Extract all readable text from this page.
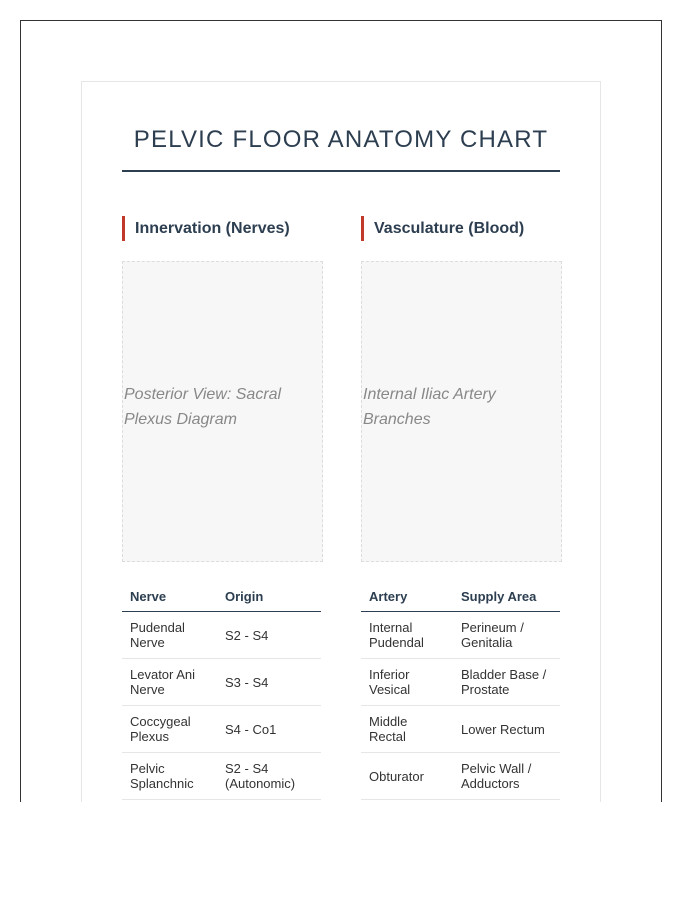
PELVIC FLOOR ANATOMY CHART
Innervation (Nerves)
Posterior View: Sacral Plexus Diagram
Nerve	Origin
Pudendal Nerve	S2 - S4
Levator Ani Nerve	S3 - S4
Coccygeal Plexus	S4 - Co1
Pelvic Splanchnic	S2 - S4 (Autonomic)
Vasculature (Blood)
Internal Iliac Artery Branches
Artery	Supply Area
Internal Pudendal	Perineum / Genitalia
Inferior Vesical	Bladder Base / Prostate
Middle Rectal	Lower Rectum
Obturator	Pelvic Wall / Adductors
